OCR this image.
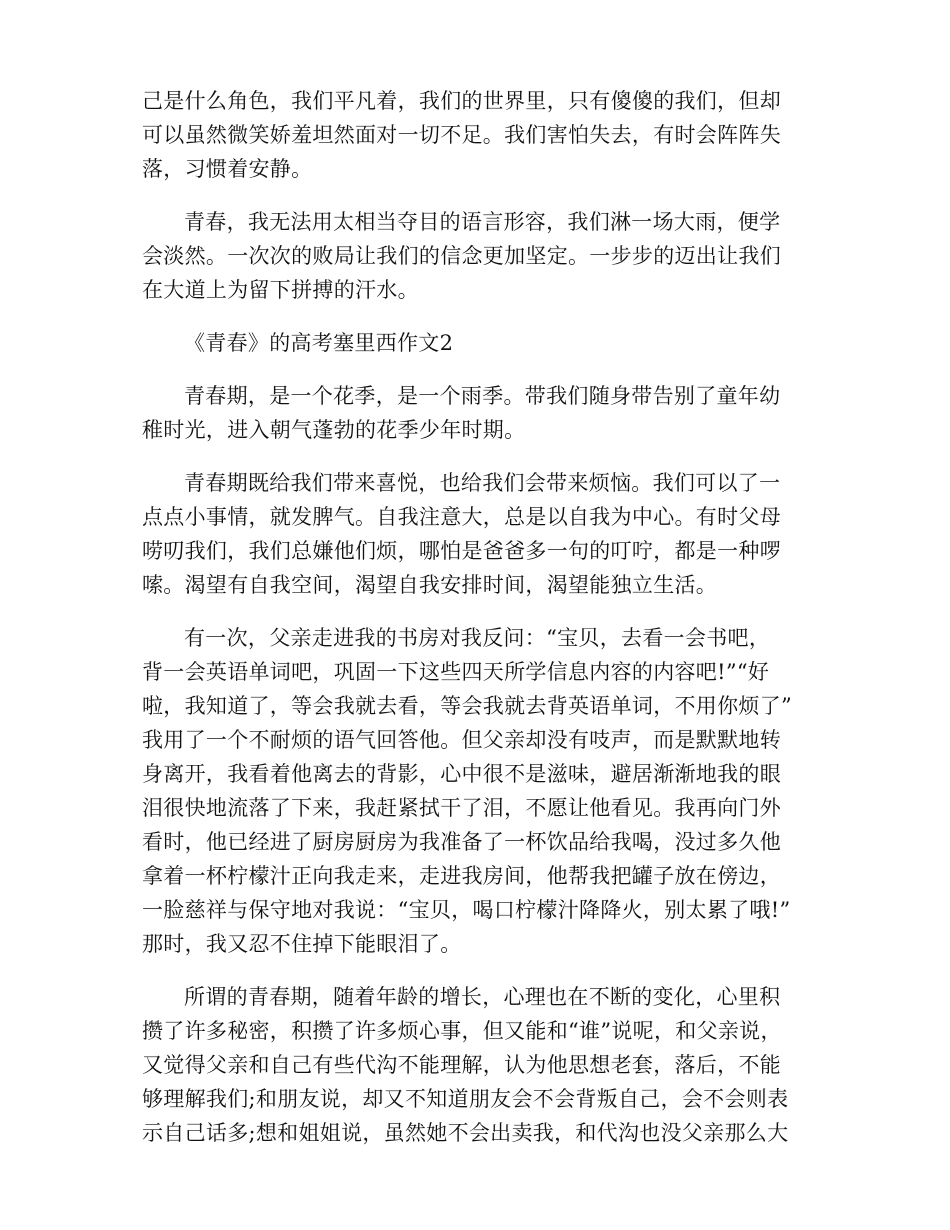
己是什么角色，我们平凡着，我们的世界里，只有傻傻的我们，但却
可以虽然微笑娇羞坦然面对一切不足。我们害怕失去，有时会阵阵失
落，习惯着安静。
青春，我无法用太相当夺目的语言形容，我们淋一场大雨，便学
会淡然。一次次的败局让我们的信念更加坚定。一步步的迈出让我们
在大道上为留下拼搏的汗水。
《青春》的高考塞里西作文2
青春期，是一个花季，是一个雨季。带我们随身带告别了童年幼
稚时光，进入朝气蓬勃的花季少年时期。
青春期既给我们带来喜悦，也给我们会带来烦恼。我们可以了一
点点小事情，就发脾气。自我注意大，总是以自我为中心。有时父母
唠叨我们，我们总嫌他们烦，哪怕是爸爸多一句的叮咛，都是一种啰
嗦。渴望有自我空间，渴望自我安排时间，渴望能独立生活。
有一次，父亲走进我的书房对我反问：“宝贝，去看一会书吧，
背一会英语单词吧，巩固一下这些四天所学信息内容的内容吧!”“好
啦，我知道了，等会我就去看，等会我就去背英语单词，不用你烦了”
我用了一个不耐烦的语气回答他。但父亲却没有吱声，而是默默地转
身离开，我看着他离去的背影，心中很不是滋味，避居渐渐地我的眼
泪很快地流落了下来，我赶紧拭干了泪，不愿让他看见。我再向门外
看时，他已经进了厨房厨房为我准备了一杯饮品给我喝，没过多久他
拿着一杯柠檬汁正向我走来，走进我房间，他帮我把罐子放在傍边，
一脸慈祥与保守地对我说：“宝贝，喝口柠檬汁降降火，别太累了哦!”
那时，我又忍不住掉下能眼泪了。
所谓的青春期，随着年龄的增长，心理也在不断的变化，心里积
攒了许多秘密，积攒了许多烦心事，但又能和“谁”说呢，和父亲说，
又觉得父亲和自己有些代沟不能理解，认为他思想老套，落后，不能
够理解我们;和朋友说，却又不知道朋友会不会背叛自己，会不会则表
示自己话多;想和姐姐说，虽然她不会出卖我，和代沟也没父亲那么大
